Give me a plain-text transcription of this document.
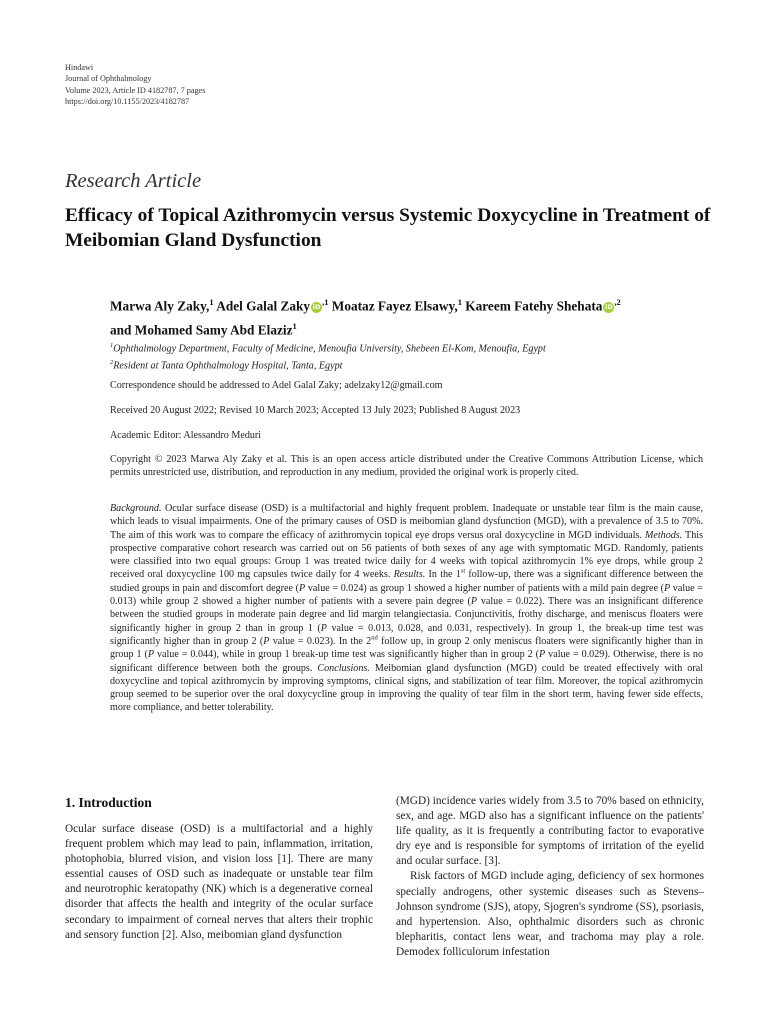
Hindawi
Journal of Ophthalmology
Volume 2023, Article ID 4182787, 7 pages
https://doi.org/10.1155/2023/4182787
Research Article
Efficacy of Topical Azithromycin versus Systemic Doxycycline in Treatment of Meibomian Gland Dysfunction
Marwa Aly Zaky,$^1$ Adel Galal Zaky $iD^{,1}$ Moataz Fayez Elsawy,$^1$ Kareem Fatehy Shehata $iD^{,2}$
and Mohamed Samy Abd Elaziz$^1$
$^1$Ophthalmology Department, Faculty of Medicine, Menoufia University, Shebeen El-Kom, Menoufia, Egypt
$^2$Resident at Tanta Ophthalmology Hospital, Tanta, Egypt
Correspondence should be addressed to Adel Galal Zaky; adelzaky12@gmail.com
Received 20 August 2022; Revised 10 March 2023; Accepted 13 July 2023; Published 8 August 2023
Academic Editor: Alessandro Meduri
Copyright © 2023 Marwa Aly Zaky et al. This is an open access article distributed under the Creative Commons Attribution License, which permits unrestricted use, distribution, and reproduction in any medium, provided the original work is properly cited.

Background. Ocular surface disease (OSD) is a multifactorial and highly frequent problem. Inadequate or unstable tear film is the main cause, which leads to visual impairments. One of the primary causes of OSD is meibomian gland dysfunction (MGD), with a prevalence of 3.5 to 70%. The aim of this work was to compare the efficacy of azithromycin topical eye drops versus oral doxycycline in MGD individuals. Methods. This prospective comparative cohort research was carried out on 56 patients of both sexes of any age with symptomatic MGD. Randomly, patients were classified into two equal groups: Group 1 was treated twice daily for 4 weeks with topical azithromycin 1% eye drops, while group 2 received oral doxycycline 100 mg capsules twice daily for 4 weeks. Results. In the 1st follow-up, there was a significant difference between the studied groups in pain and discomfort degree (P value = 0.024) as group 1 showed a higher number of patients with a mild pain degree (P value = 0.013) while group 2 showed a higher number of patients with a severe pain degree (P value = 0.022). There was an insignificant difference between the studied groups in moderate pain degree and lid margin telangiectasia. Conjunctivitis, frothy discharge, and meniscus floaters were significantly higher in group 2 than in group 1 (P value = 0.013, 0.028, and 0.031, respectively). In group 1, the break-up time test was significantly higher than in group 2 (P value = 0.023). In the 2nd follow up, in group 2 only meniscus floaters were significantly higher than in group 1 (P value = 0.044), while in group 1 break-up time test was significantly higher than in group 2 (P value = 0.029). Otherwise, there is no significant difference between both the groups. Conclusions. Meibomian gland dysfunction (MGD) could be treated effectively with oral doxycycline and topical azithromycin by improving symptoms, clinical signs, and stabilization of tear film. Moreover, the topical azithromycin group seemed to be superior over the oral doxycycline group in improving the quality of tear film in the short term, having fewer side effects, more compliance, and better tolerability.

1. Introduction

Ocular surface disease (OSD) is a multifactorial and a highly frequent problem which may lead to pain, inflammation, irritation, photophobia, blurred vision, and vision loss [1]. There are many essential causes of OSD such as inadequate or unstable tear film and neurotrophic keratopathy (NK) which is a degenerative corneal disorder that affects the health and integrity of the ocular surface secondary to impairment of corneal nerves that alters their trophic and sensory function [2]. Also, meibomian gland dysfunction

(MGD) incidence varies widely from 3.5 to 70% based on ethnicity, sex, and age. MGD also has a significant influence on the patients' life quality, as it is frequently a contributing factor to evaporative dry eye and is responsible for symptoms of irritation of the eyelid and ocular surface. [3].

Risk factors of MGD include aging, deficiency of sex hormones specially androgens, other systemic diseases such as Stevens–Johnson syndrome (SJS), atopy, Sjogren's syndrome (SS), psoriasis, and hypertension. Also, ophthalmic disorders such as chronic blepharitis, contact lens wear, and trachoma may play a role. Demodex folliculorum infestation
